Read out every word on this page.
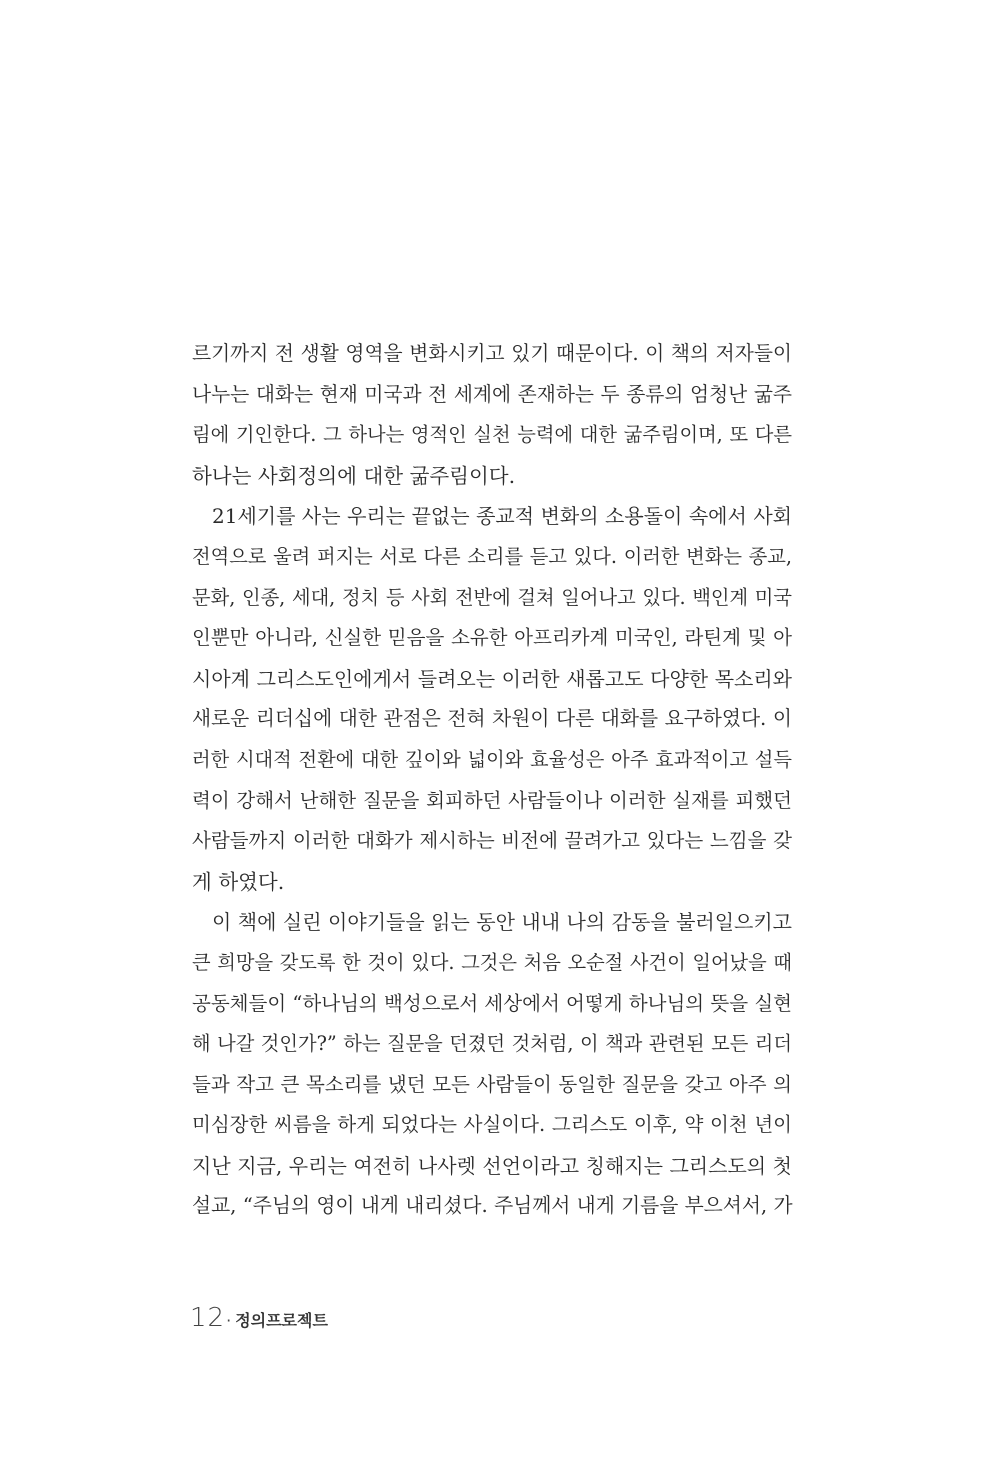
르기까지 전 생활 영역을 변화시키고 있기 때문이다. 이 책의 저자들이
나누는 대화는 현재 미국과 전 세계에 존재하는 두 종류의 엄청난 굶주
림에 기인한다. 그 하나는 영적인 실천 능력에 대한 굶주림이며, 또 다른
하나는 사회정의에 대한 굶주림이다.
21세기를 사는 우리는 끝없는 종교적 변화의 소용돌이 속에서 사회
전역으로 울려 퍼지는 서로 다른 소리를 듣고 있다. 이러한 변화는 종교,
문화, 인종, 세대, 정치 등 사회 전반에 걸쳐 일어나고 있다. 백인계 미국
인뿐만 아니라, 신실한 믿음을 소유한 아프리카계 미국인, 라틴계 및 아
시아계 그리스도인에게서 들려오는 이러한 새롭고도 다양한 목소리와
새로운 리더십에 대한 관점은 전혀 차원이 다른 대화를 요구하였다. 이
러한 시대적 전환에 대한 깊이와 넓이와 효율성은 아주 효과적이고 설득
력이 강해서 난해한 질문을 회피하던 사람들이나 이러한 실재를 피했던
사람들까지 이러한 대화가 제시하는 비전에 끌려가고 있다는 느낌을 갖
게 하였다.
이 책에 실린 이야기들을 읽는 동안 내내 나의 감동을 불러일으키고
큰 희망을 갖도록 한 것이 있다. 그것은 처음 오순절 사건이 일어났을 때
공동체들이 “하나님의 백성으로서 세상에서 어떻게 하나님의 뜻을 실현
해 나갈 것인가?” 하는 질문을 던졌던 것처럼, 이 책과 관련된 모든 리더
들과 작고 큰 목소리를 냈던 모든 사람들이 동일한 질문을 갖고 아주 의
미심장한 씨름을 하게 되었다는 사실이다. 그리스도 이후, 약 이천 년이
지난 지금, 우리는 여전히 나사렛 선언이라고 칭해지는 그리스도의 첫
설교, “주님의 영이 내게 내리셨다. 주님께서 내게 기름을 부으셔서, 가
12 · 정의프로젝트
